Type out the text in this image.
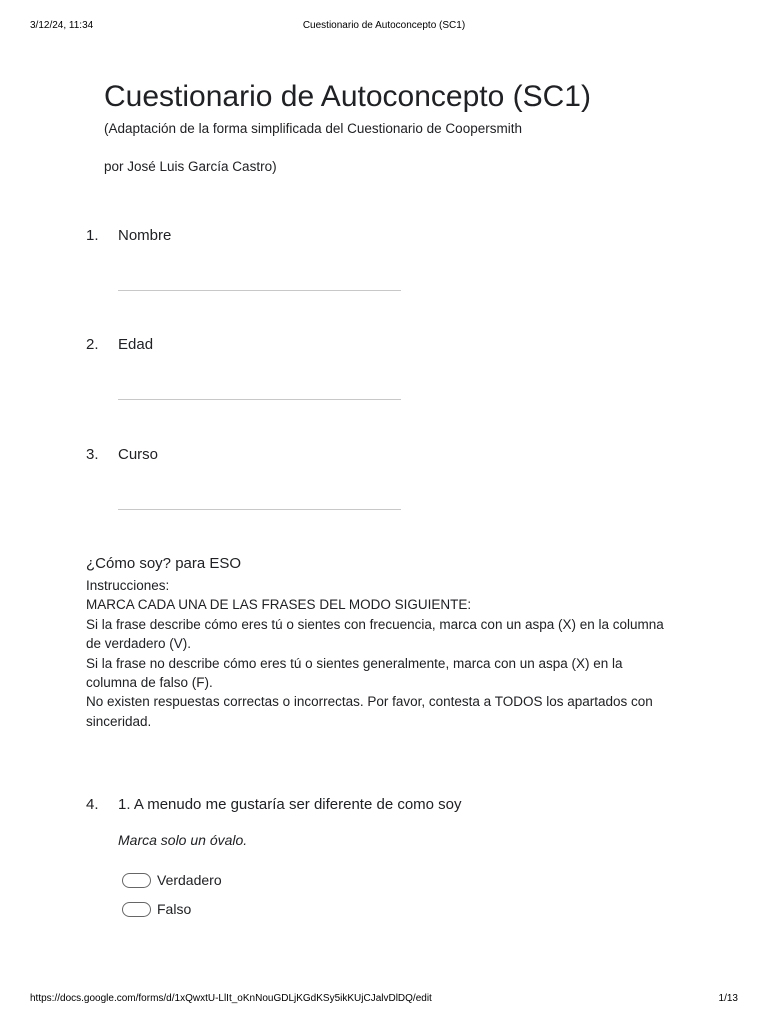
3/12/24, 11:34	Cuestionario de Autoconcepto (SC1)
Cuestionario de Autoconcepto (SC1)
(Adaptación de la forma simplificada del Cuestionario de Coopersmith
por José Luis García Castro)
1. Nombre
2. Edad
3. Curso
¿Cómo soy? para ESO
Instrucciones:
MARCA CADA UNA DE LAS FRASES DEL MODO SIGUIENTE:
Si la frase describe cómo eres tú o sientes con frecuencia, marca con un aspa (X) en la columna
de verdadero (V).
Si la frase no describe cómo eres tú o sientes generalmente, marca con un aspa (X) en la
columna de falso (F).
No existen respuestas correctas o incorrectas. Por favor, contesta a TODOS los apartados con
sinceridad.
4. 1. A menudo me gustaría ser diferente de como soy
Marca solo un óvalo.
Verdadero
Falso
https://docs.google.com/forms/d/1xQwxtU-LlIt_oKnNouGDLjKGdKSy5ikKUjCJalvDlDQ/edit	1/13
